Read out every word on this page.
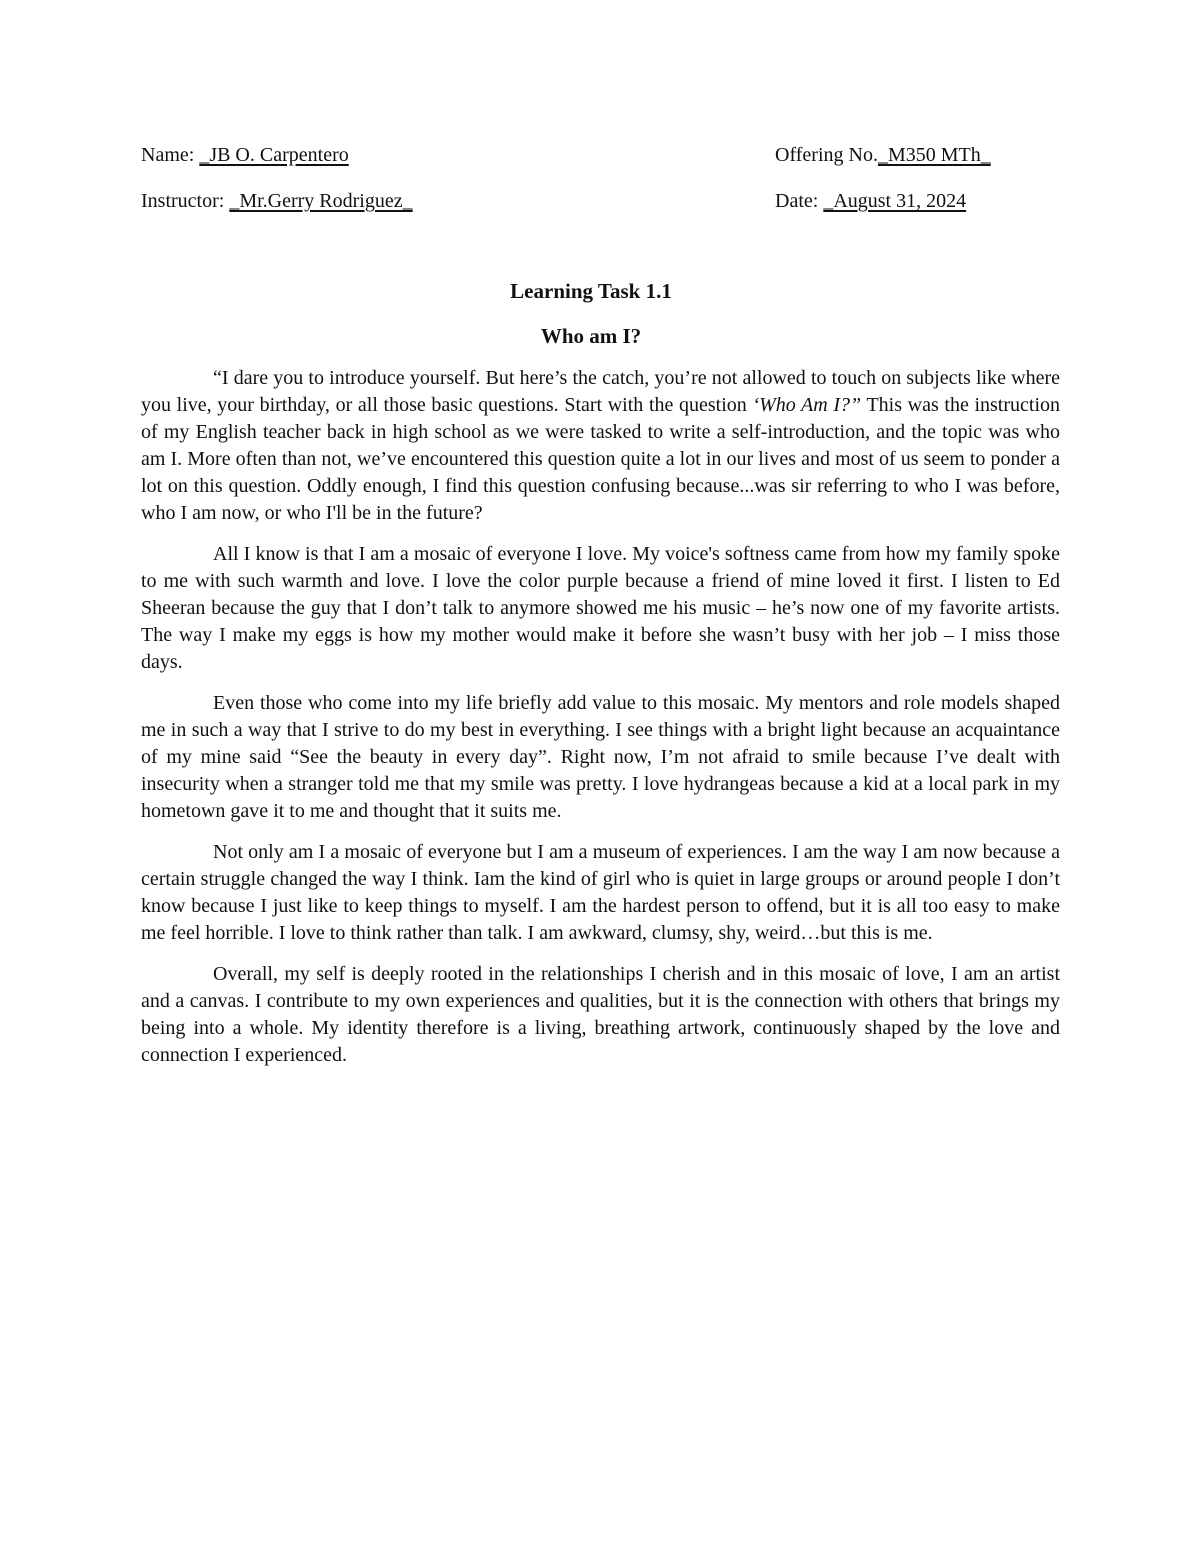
Name: _JB O. Carpentero	Offering No._M350 MTh_
Instructor: _Mr.Gerry Rodriguez_	Date: _August 31, 2024
Learning Task 1.1
Who am I?

“I dare you to introduce yourself. But here’s the catch, you’re not allowed to touch on subjects like where you live, your birthday, or all those basic questions. Start with the question ‘Who Am I?” This was the instruction of my English teacher back in high school as we were tasked to write a self-introduction, and the topic was who am I. More often than not, we’ve encountered this question quite a lot in our lives and most of us seem to ponder a lot on this question. Oddly enough, I find this question confusing because...was sir referring to who I was before, who I am now, or who I'll be in the future?

All I know is that I am a mosaic of everyone I love. My voice's softness came from how my family spoke to me with such warmth and love. I love the color purple because a friend of mine loved it first. I listen to Ed Sheeran because the guy that I don’t talk to anymore showed me his music – he’s now one of my favorite artists. The way I make my eggs is how my mother would make it before she wasn’t busy with her job – I miss those days.

Even those who come into my life briefly add value to this mosaic. My mentors and role models shaped me in such a way that I strive to do my best in everything. I see things with a bright light because an acquaintance of my mine said “See the beauty in every day”. Right now, I’m not afraid to smile because I’ve dealt with insecurity when a stranger told me that my smile was pretty. I love hydrangeas because a kid at a local park in my hometown gave it to me and thought that it suits me.

Not only am I a mosaic of everyone but I am a museum of experiences. I am the way I am now because a certain struggle changed the way I think. Iam the kind of girl who is quiet in large groups or around people I don’t know because I just like to keep things to myself. I am the hardest person to offend, but it is all too easy to make me feel horrible. I love to think rather than talk. I am awkward, clumsy, shy, weird…but this is me.

Overall, my self is deeply rooted in the relationships I cherish and in this mosaic of love, I am an artist and a canvas. I contribute to my own experiences and qualities, but it is the connection with others that brings my being into a whole. My identity therefore is a living, breathing artwork, continuously shaped by the love and connection I experienced.
